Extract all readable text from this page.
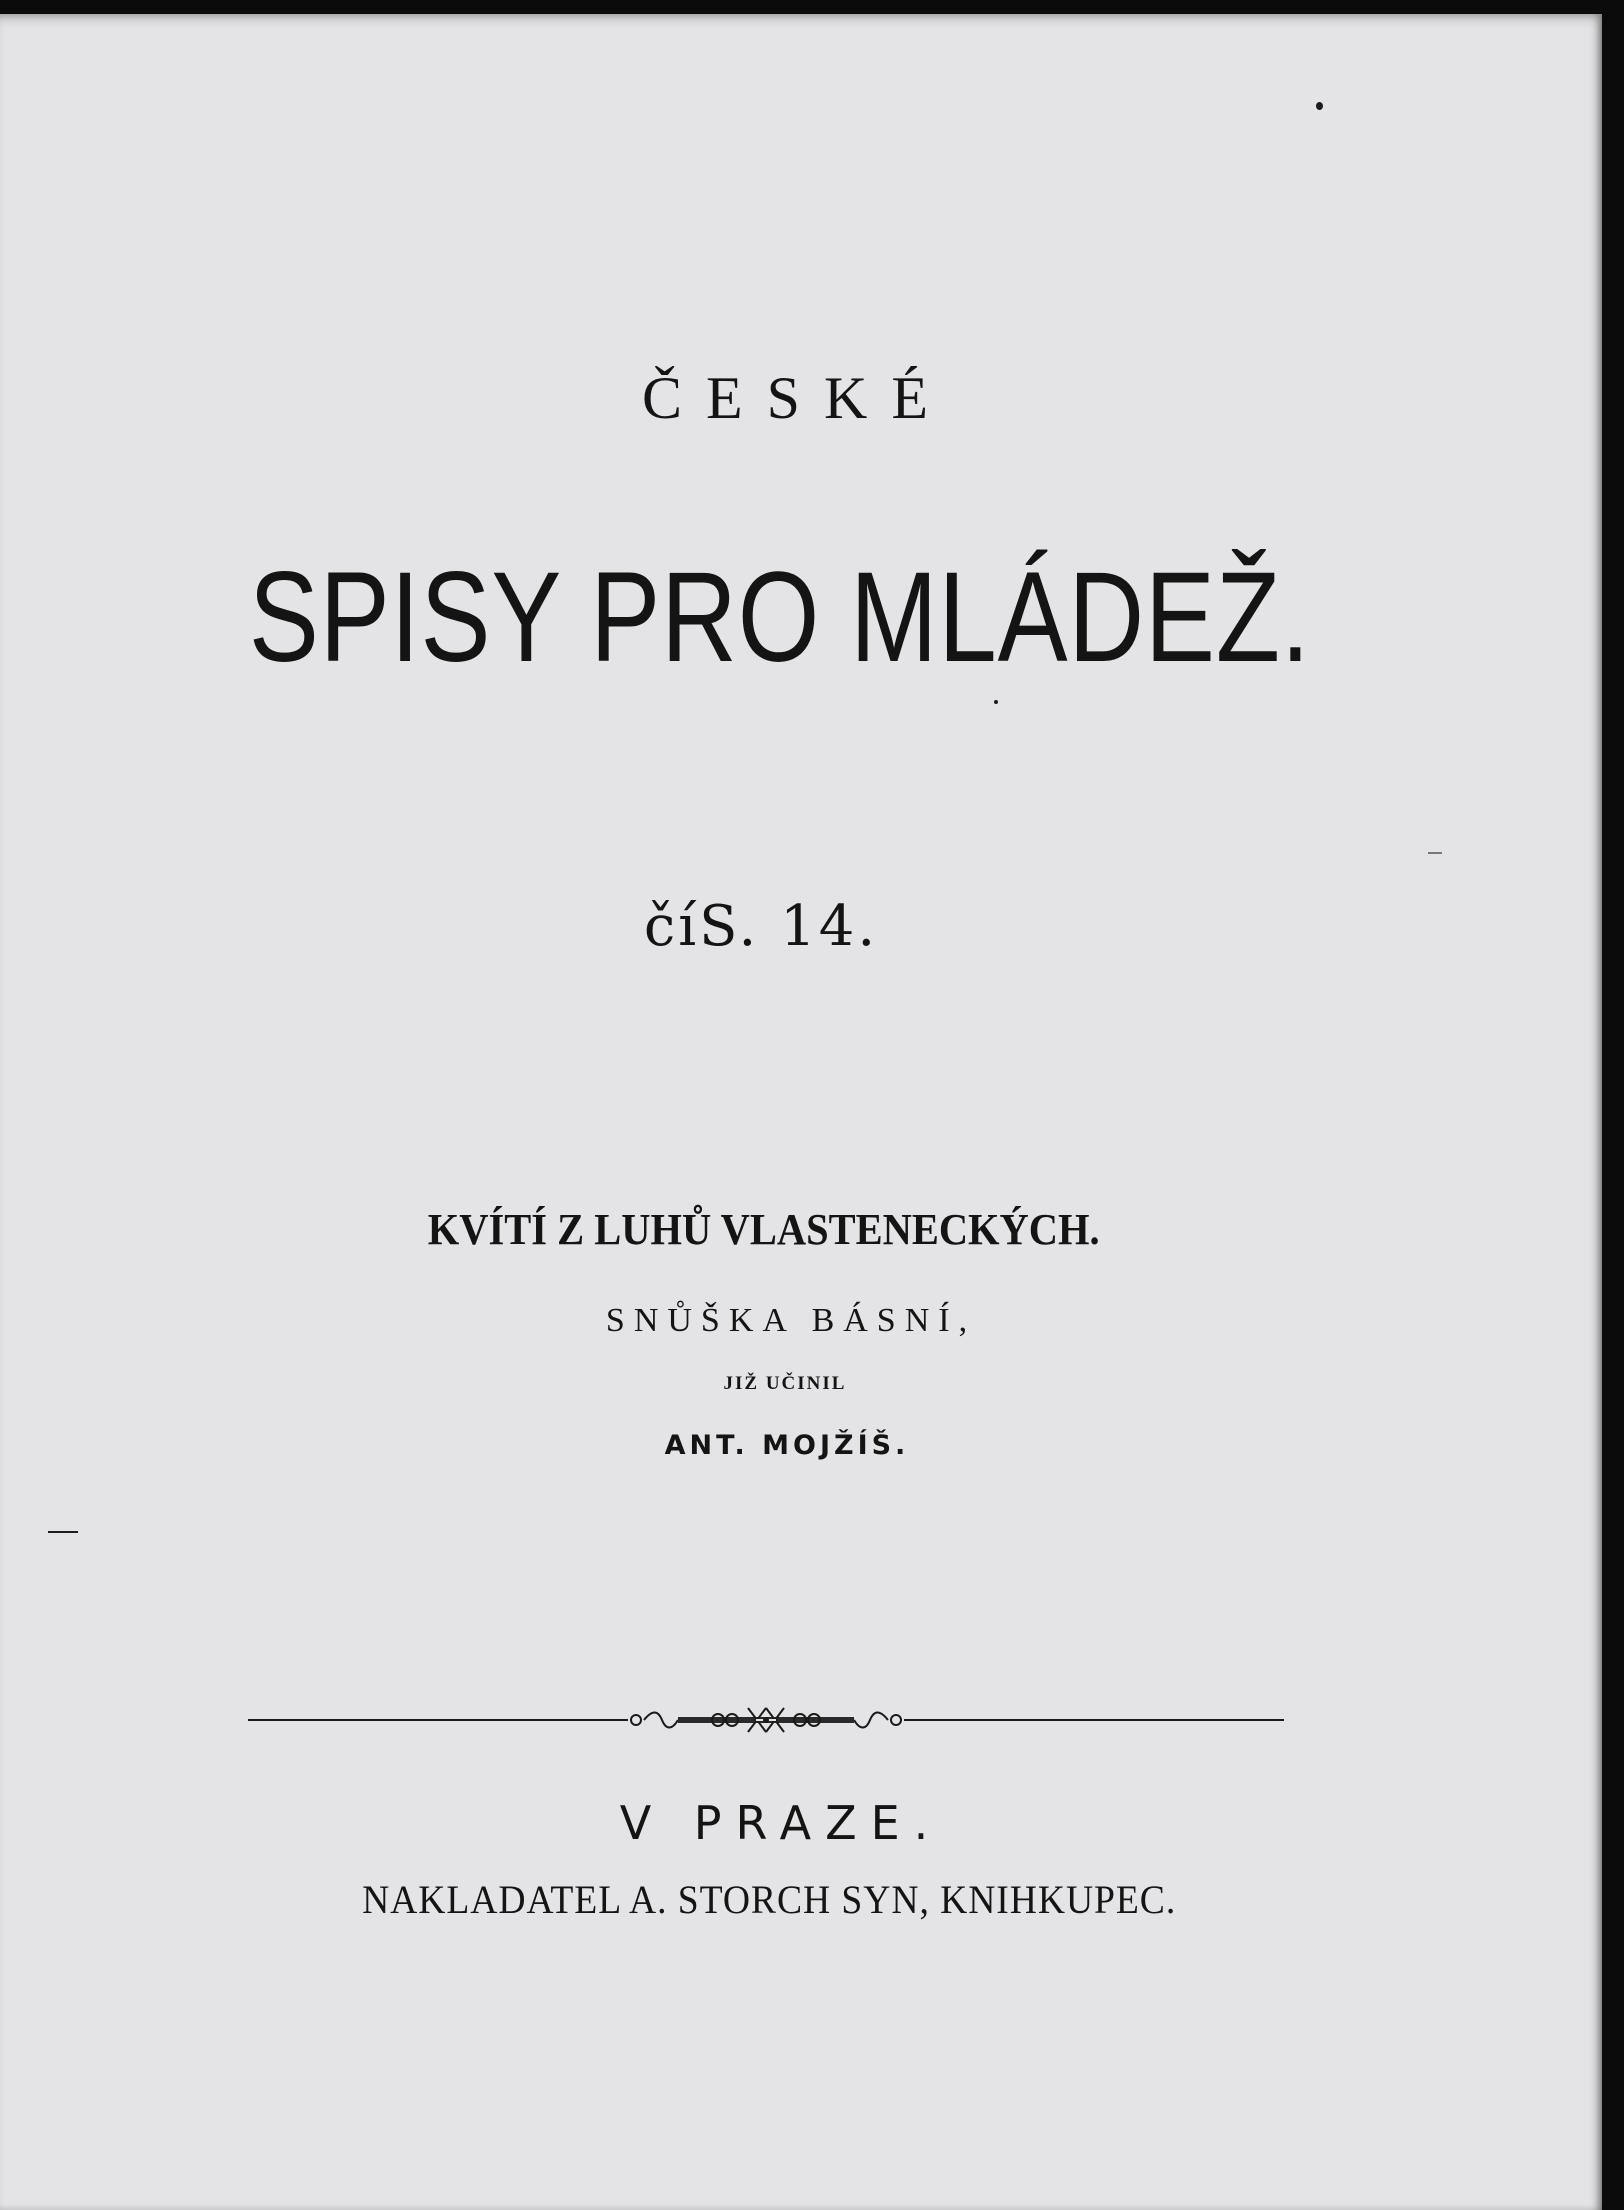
ČESKÉ
SPISY PRO MLÁDEŽ.
číS. 14.
KVÍTÍ Z LUHŮ VLASTENECKÝCH.
SNŮŠKA BÁSNÍ,
JIŽ UČINIL
ANT. MOJŽÍŠ.
V PRAZE.
NAKLADATEL A. STORCH SYN, KNIHKUPEC.
